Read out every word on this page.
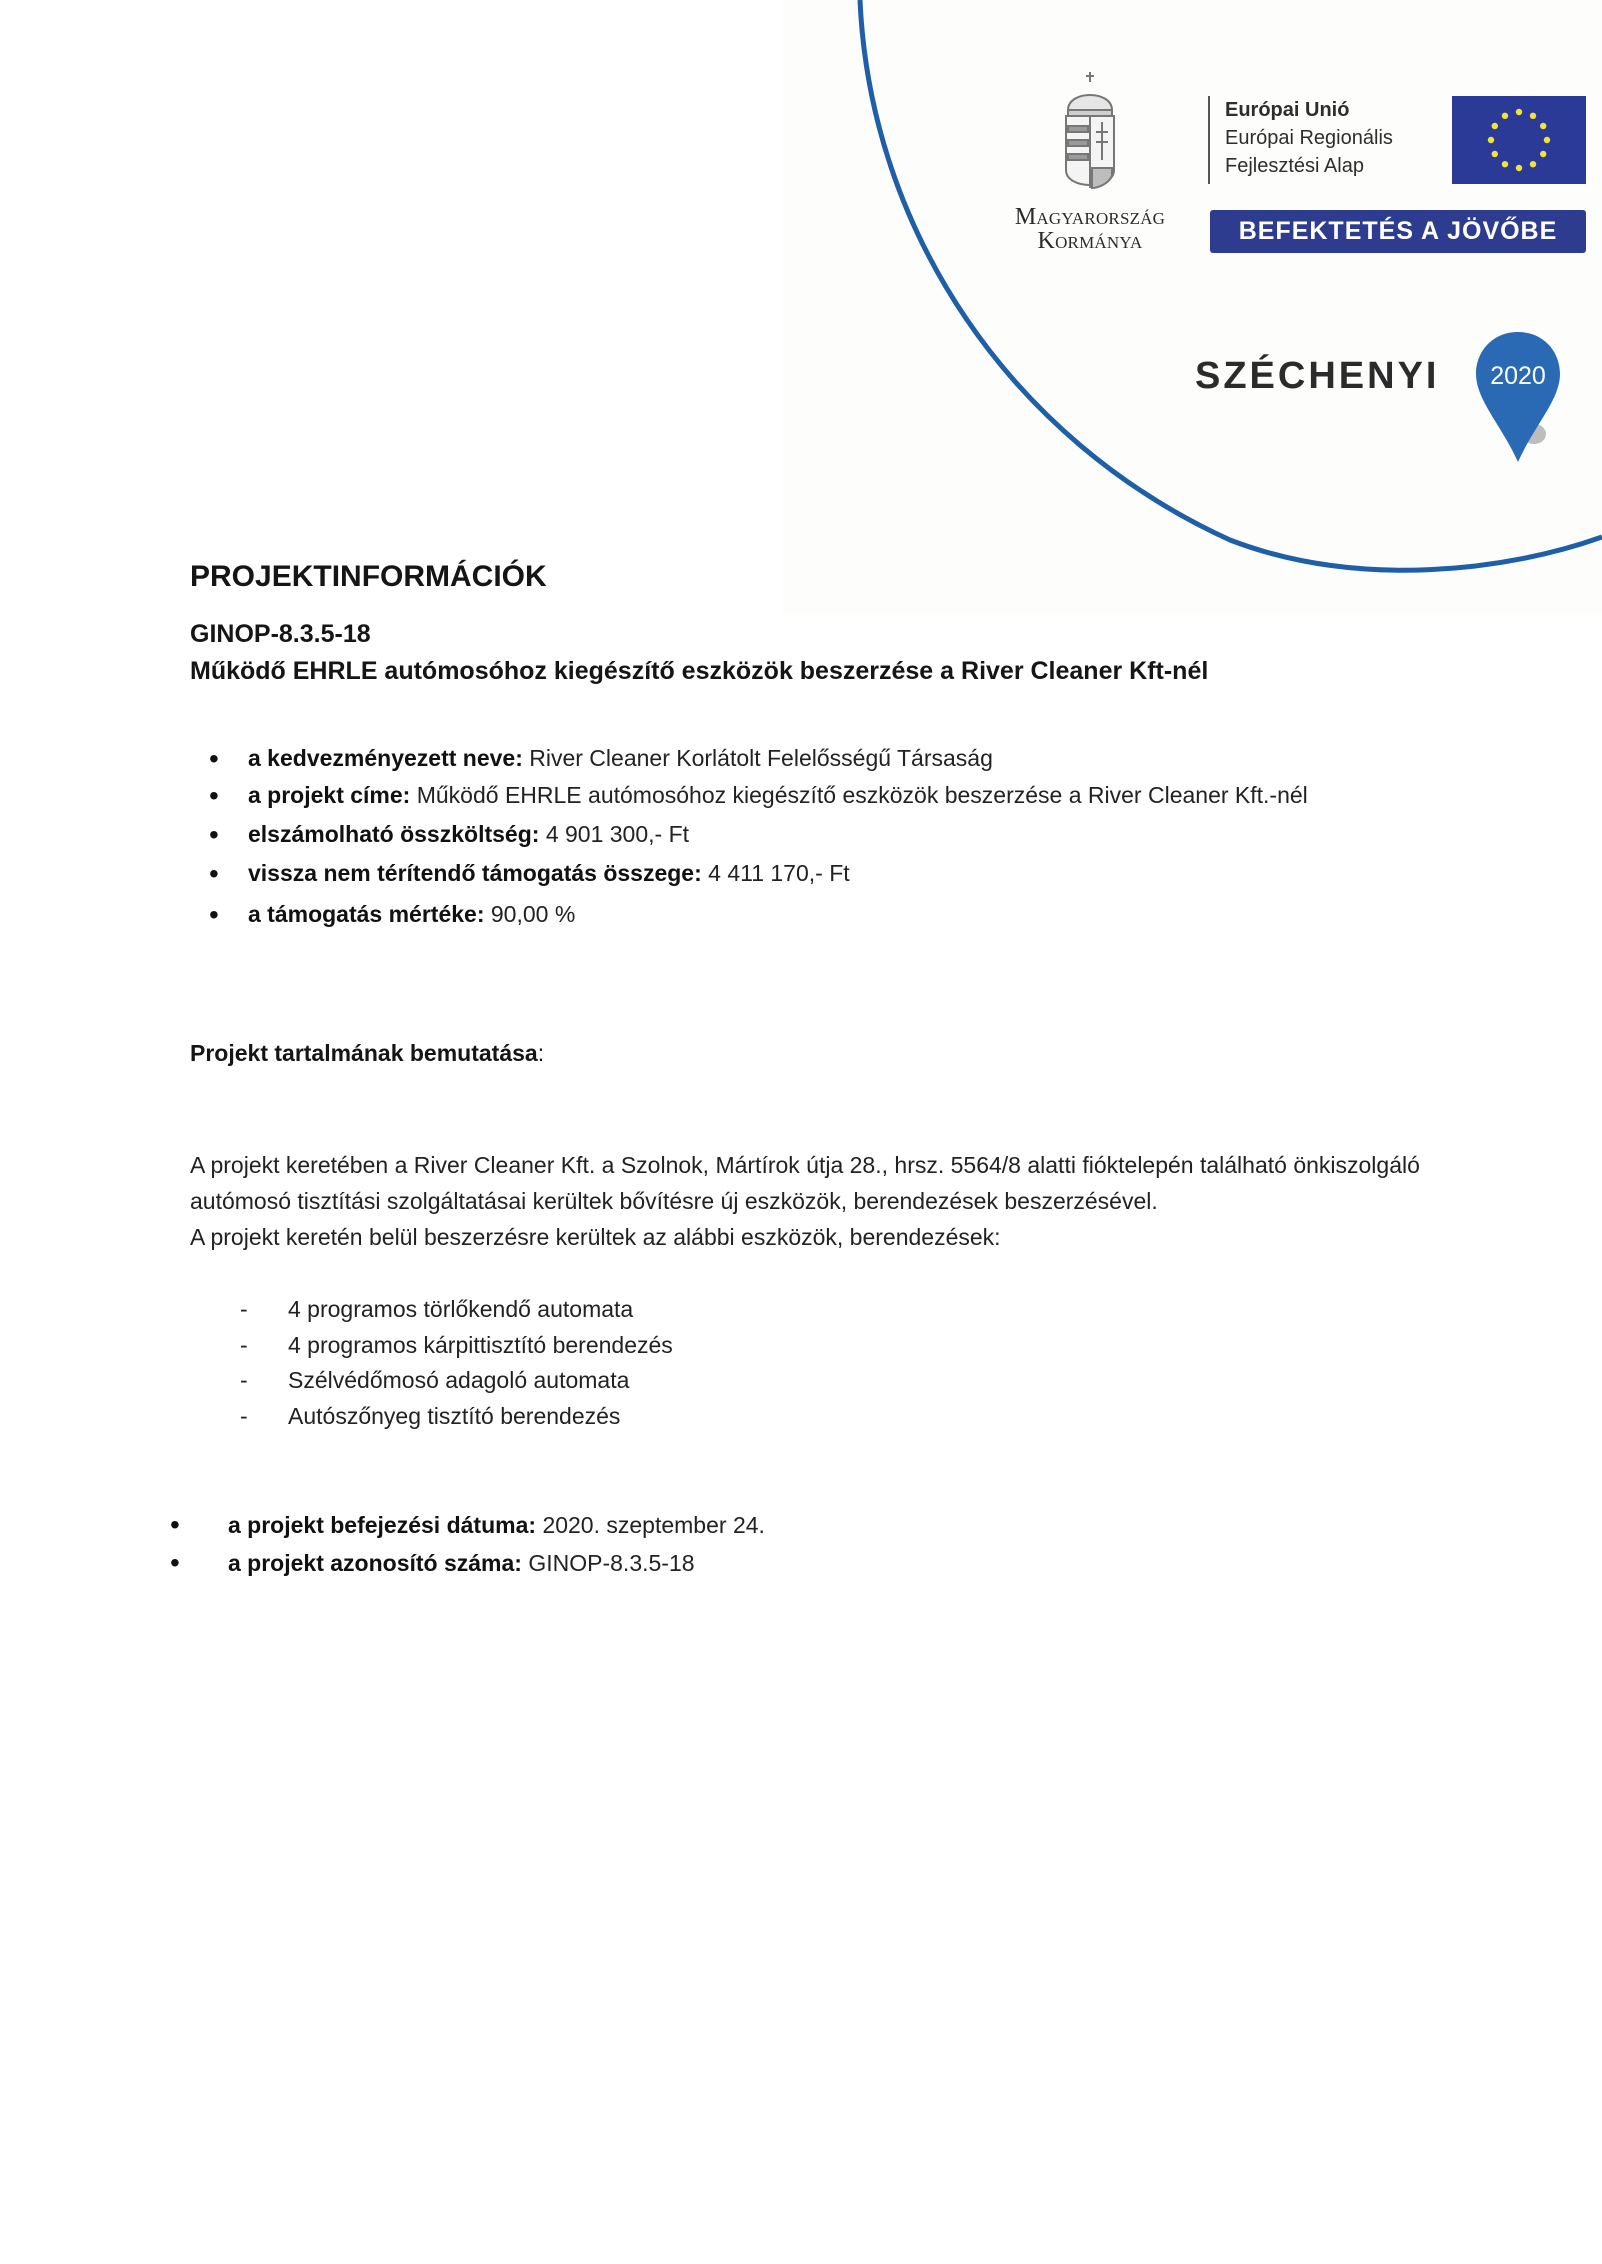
Magyarország
Kormánya
Európai Unió
Európai Regionális
Fejlesztési Alap
BEFEKTETÉS A JÖVŐBE
SZÉCHENYI 2020
PROJEKTINFORMÁCIÓK
GINOP-8.3.5-18
Működő EHRLE autómosóhoz kiegészítő eszközök beszerzése a River Cleaner Kft-nél
• a kedvezményezett neve: River Cleaner Korlátolt Felelősségű Társaság
• a projekt címe: Működő EHRLE autómosóhoz kiegészítő eszközök beszerzése a River Cleaner Kft.-nél
• elszámolható összköltség: 4 901 300,- Ft
• vissza nem térítendő támogatás összege: 4 411 170,- Ft
• a támogatás mértéke: 90,00 %
Projekt tartalmának bemutatása:
A projekt keretében a River Cleaner Kft. a Szolnok, Mártírok útja 28., hrsz. 5564/8 alatti fióktelepén található önkiszolgáló autómosó tisztítási szolgáltatásai kerültek bővítésre új eszközök, berendezések beszerzésével.
A projekt keretén belül beszerzésre kerültek az alábbi eszközök, berendezések:
- 4 programos törlőkendő automata
- 4 programos kárpittisztító berendezés
- Szélvédőmosó adagoló automata
- Autószőnyeg tisztító berendezés
• a projekt befejezési dátuma: 2020. szeptember 24.
• a projekt azonosító száma: GINOP-8.3.5-18
